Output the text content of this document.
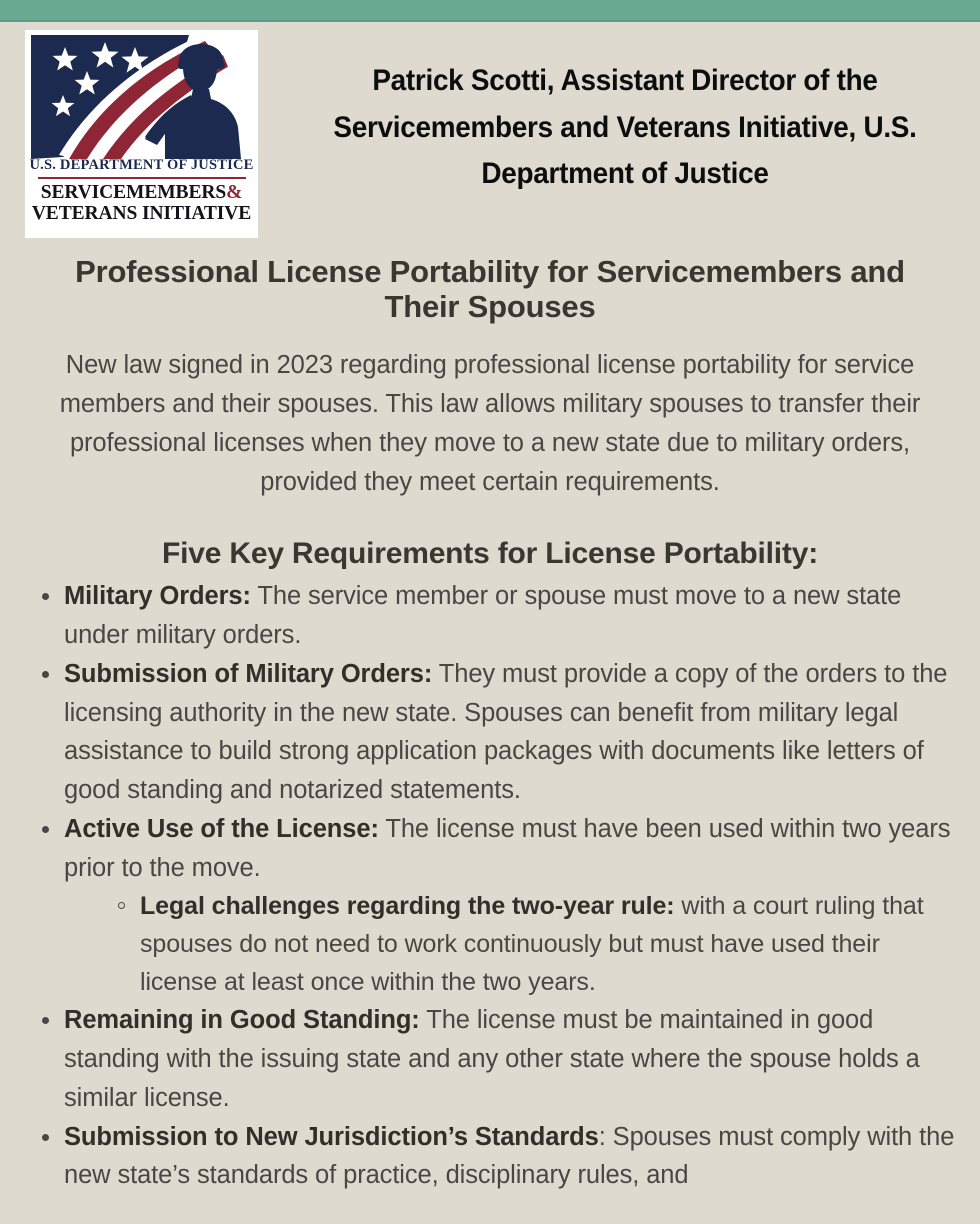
U.S. DEPARTMENT OF JUSTICE
SERVICEMEMBERS&
VETERANS INITIATIVE
Patrick Scotti, Assistant Director of the Servicemembers and Veterans Initiative, U.S. Department of Justice
Professional License Portability for Servicemembers and Their Spouses

New law signed in 2023 regarding professional license portability for service members and their spouses. This law allows military spouses to transfer their professional licenses when they move to a new state due to military orders, provided they meet certain requirements.

Five Key Requirements for License Portability:
Military Orders: The service member or spouse must move to a new state under military orders.
Submission of Military Orders: They must provide a copy of the orders to the licensing authority in the new state. Spouses can benefit from military legal assistance to build strong application packages with documents like letters of good standing and notarized statements.
Active Use of the License: The license must have been used within two years prior to the move.
Legal challenges regarding the two-year rule: with a court ruling that spouses do not need to work continuously but must have used their license at least once within the two years.
Remaining in Good Standing: The license must be maintained in good standing with the issuing state and any other state where the spouse holds a similar license.
Submission to New Jurisdiction’s Standards: Spouses must comply with the new state’s standards of practice, disciplinary rules, and
